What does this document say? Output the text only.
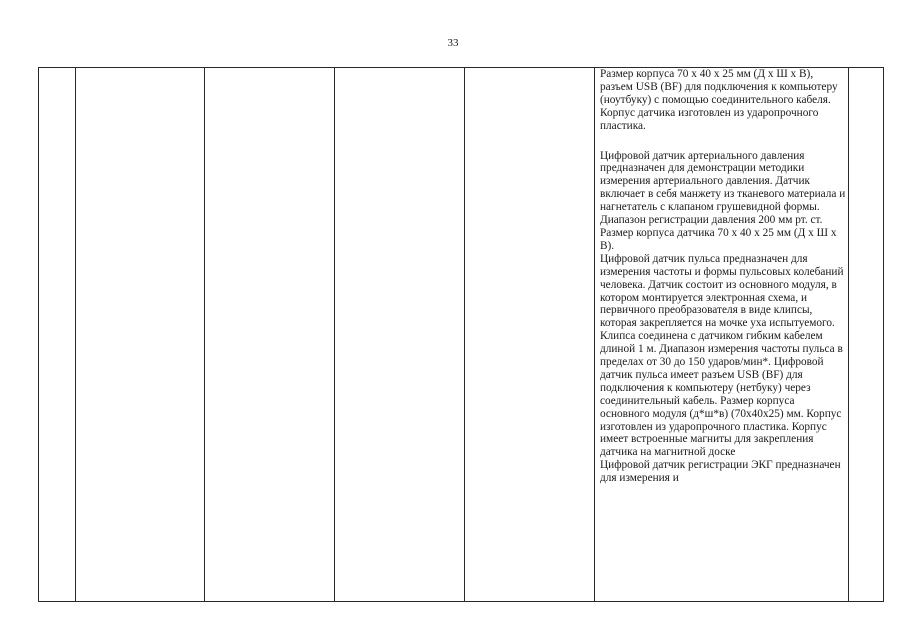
33

Размер корпуса 70 х 40 х 25 мм (Д х Ш х В), разъем USB (BF) для подключения к компьютеру (ноутбуку) с помощью соединительного кабеля. Корпус датчика изготовлен из ударопрочного пластика.
Цифровой датчик артериального давления предназначен для демонстрации методики измерения артериального давления. Датчик включает в себя манжету из тканевого материала и нагнетатель с клапаном грушевидной формы. Диапазон регистрации давления 200 мм рт. ст. Размер корпуса датчика 70 х 40 х 25 мм (Д х Ш х В).
Цифровой датчик пульса предназначен для измерения частоты и формы пульсовых колебаний человека. Датчик состоит из основного модуля, в котором монтируется электронная схема, и первичного преобразователя в виде клипсы, которая закрепляется на мочке уха испытуемого. Клипса соединена с датчиком гибким кабелем длиной 1 м. Диапазон измерения частоты пульса в пределах от 30 до 150 ударов/мин*. Цифровой датчик пульса имеет разъем USB (BF) для подключения к компьютеру (нетбуку) через соединительный кабель. Размер корпуса основного модуля (д*ш*в) (70х40х25) мм. Корпус изготовлен из ударопрочного пластика. Корпус имеет встроенные магниты для закрепления датчика на магнитной доске
Цифровой датчик регистрации ЭКГ предназначен для измерения и
